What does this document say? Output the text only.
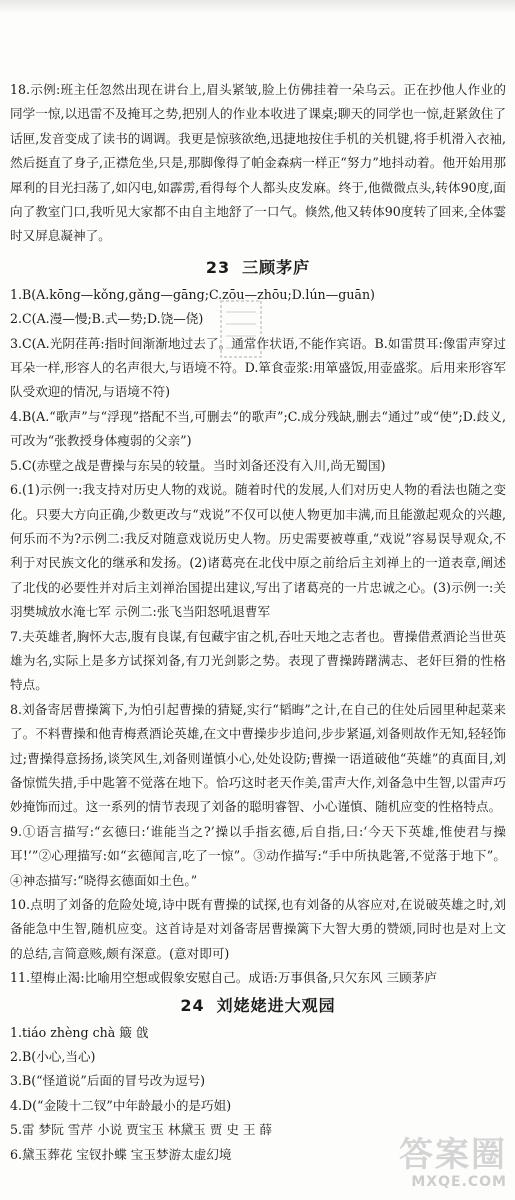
18.示例:班主任忽然出现在讲台上,眉头紧皱,脸上仿佛挂着一朵乌云。正在抄他人作业的同学一惊,以迅雷不及掩耳之势,把别人的作业本收进了课桌;聊天的同学也一惊,赶紧敛住了话匣,发音变成了读书的调调。我更是惊骇欲绝,迅捷地按住手机的关机键,将手机滑入衣袖,然后挺直了身子,正襟危坐,只是,那脚像得了帕金森病一样正“努力”地抖动着。他开始用那犀利的目光扫荡了,如闪电,如霹雳,看得每个人都头皮发麻。终于,他微微点头,转体90度,面向了教室门口,我听见大家都不由自主地舒了一口气。倏然,他又转体90度转了回来,全体霎时又屏息凝神了。

23 三顾茅庐

1.B(A.kōng—kǒng,gǎng—gāng;C.zōu—zhōu;D.lún—guān)

2.C(A.漫—慢;B.式—势;D.饶—侥)

3.C(A.光阴荏苒:指时间渐渐地过去了。通常作状语,不能作宾语。B.如雷贯耳:像雷声穿过耳朵一样,形容人的名声很大,与语境不符。D.箪食壶浆:用箪盛饭,用壶盛浆。后用来形容军队受欢迎的情况,与语境不符)

4.B(A.“歌声”与“浮现”搭配不当,可删去“的歌声”;C.成分残缺,删去“通过”或“使”;D.歧义,可改为“张教授身体瘦弱的父亲”)

5.C(赤壁之战是曹操与东吴的较量。当时刘备还没有入川,尚无蜀国)

6.(1)示例一:我支持对历史人物的戏说。随着时代的发展,人们对历史人物的看法也随之变化。只要大方向正确,少数更改与“戏说”不仅可以使人物更加丰满,而且能激起观众的兴趣,何乐而不为?示例二:我反对随意戏说历史人物。历史需要被尊重,“戏说”容易误导观众,不利于对民族文化的继承和发扬。(2)诸葛亮在北伐中原之前给后主刘禅上的一道表章,阐述了北伐的必要性并对后主刘禅治国提出建议,写出了诸葛亮的一片忠诚之心。(3)示例一:关羽樊城放水淹七军 示例二:张飞当阳怒吼退曹军

7.夫英雄者,胸怀大志,腹有良谋,有包藏宇宙之机,吞吐天地之志者也。曹操借煮酒论当世英雄为名,实际上是多方试探刘备,有刀光剑影之势。表现了曹操踌躇满志、老奸巨猾的性格特点。

8.刘备寄居曹操篱下,为怕引起曹操的猜疑,实行“韬晦”之计,在自己的住处后园里种起菜来了。不料曹操和他青梅煮酒论英雄,在文中曹操步步追问,步步紧逼,刘备则故作无知,轻轻饰过;曹操得意扬扬,谈笑风生,刘备则谨慎小心,处处设防;曹操一语道破他“英雄”的真面目,刘备惊慌失措,手中匙箸不觉落在地下。恰巧这时老天作美,雷声大作,刘备急中生智,以雷声巧妙掩饰而过。这一系列的情节表现了刘备的聪明睿智、小心谨慎、随机应变的性格特点。

9.①语言描写:“玄德曰:‘谁能当之?’操以手指玄德,后自指,曰:‘今天下英雄,惟使君与操耳!’”②心理描写:如“玄德闻言,吃了一惊”。③动作描写:“手中所执匙箸,不觉落于地下”。④神态描写:“晓得玄德面如土色。”

10.点明了刘备的危险处境,诗中既有曹操的试探,也有刘备的从容应对,在说破英雄之时,刘备能急中生智,随机应变。这首诗是对刘备寄居曹操篱下大智大勇的赞颂,同时也是对上文的总结,言简意赅,颇有深意。(意对即可)

11.望梅止渴:比喻用空想或假象安慰自己。成语:万事俱备,只欠东风 三顾茅庐

24 刘姥姥进大观园

1.tiáo zhèng chà 簸 戗

2.B(小心,当心)

3.B(“怪道说”后面的冒号改为逗号)

4.D(“金陵十二钗”中年龄最小的是巧姐)

5.雷 梦阮 雪芹 小说 贾宝玉 林黛玉 贾 史 王 薛

6.黛玉葬花 宝钗扑蝶 宝玉梦游太虚幻境	答案圈
MXQE.COM
